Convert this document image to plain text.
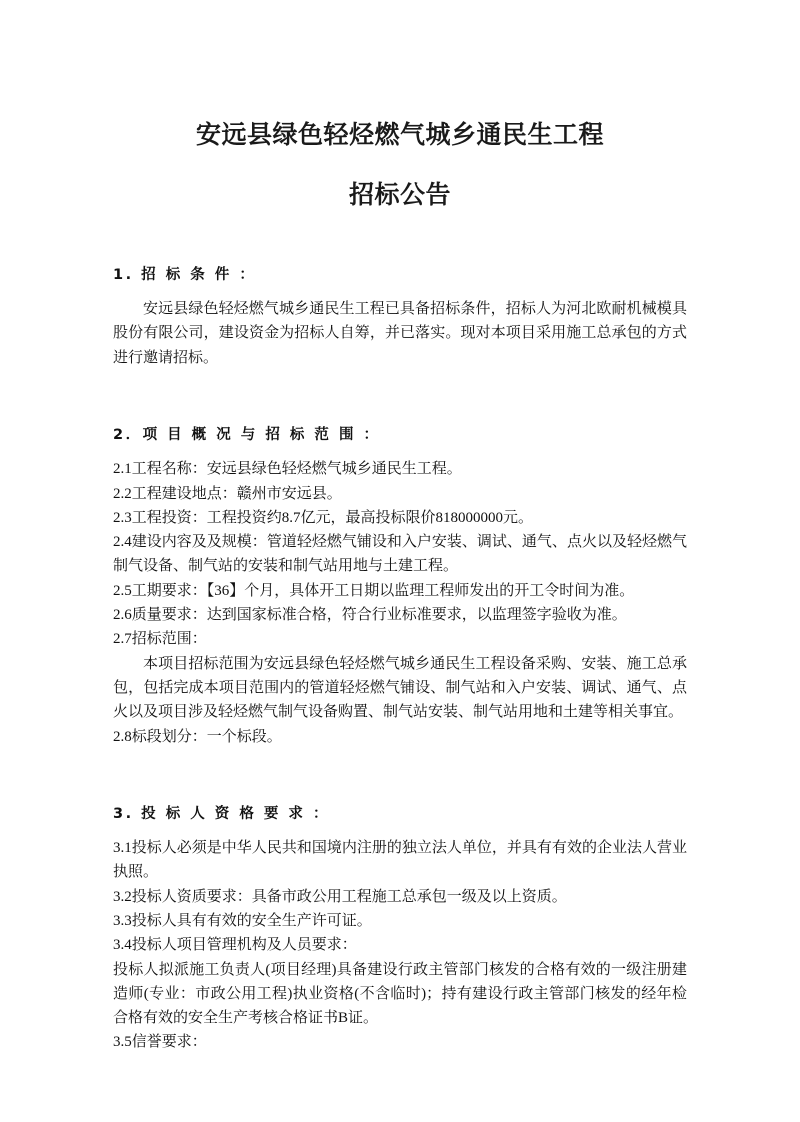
安远县绿色轻烃燃气城乡通民生工程
招标公告
1. 招 标 条 件 ：
安远县绿色轻烃燃气城乡通民生工程已具备招标条件，招标人为河北欧耐机械模具股份有限公司，建设资金为招标人自筹，并已落实。现对本项目采用施工总承包的方式进行邀请招标。
2．项 目 概 况 与 招 标 范 围 ：
2.1工程名称：安远县绿色轻烃燃气城乡通民生工程。
2.2工程建设地点：赣州市安远县。
2.3工程投资：工程投资约8.7亿元，最高投标限价818000000元。
2.4建设内容及及规模：管道轻烃燃气铺设和入户安装、调试、通气、点火以及轻烃燃气制气设备、制气站的安装和制气站用地与土建工程。
2.5工期要求：【36】个月，具体开工日期以监理工程师发出的开工令时间为准。
2.6质量要求：达到国家标准合格，符合行业标准要求，以监理签字验收为准。
2.7招标范围：
本项目招标范围为安远县绿色轻烃燃气城乡通民生工程设备采购、安装、施工总承包，包括完成本项目范围内的管道轻烃燃气铺设、制气站和入户安装、调试、通气、点火以及项目涉及轻烃燃气制气设备购置、制气站安装、制气站用地和土建等相关事宜。
2.8标段划分：一个标段。
3. 投 标 人 资 格 要 求 ：
3.1投标人必须是中华人民共和国境内注册的独立法人单位，并具有有效的企业法人营业执照。
3.2投标人资质要求：具备市政公用工程施工总承包一级及以上资质。
3.3投标人具有有效的安全生产许可证。
3.4投标人项目管理机构及人员要求：
投标人拟派施工负责人(项目经理)具备建设行政主管部门核发的合格有效的一级注册建造师(专业：市政公用工程)执业资格(不含临时)；持有建设行政主管部门核发的经年检合格有效的安全生产考核合格证书B证。
3.5信誉要求：
